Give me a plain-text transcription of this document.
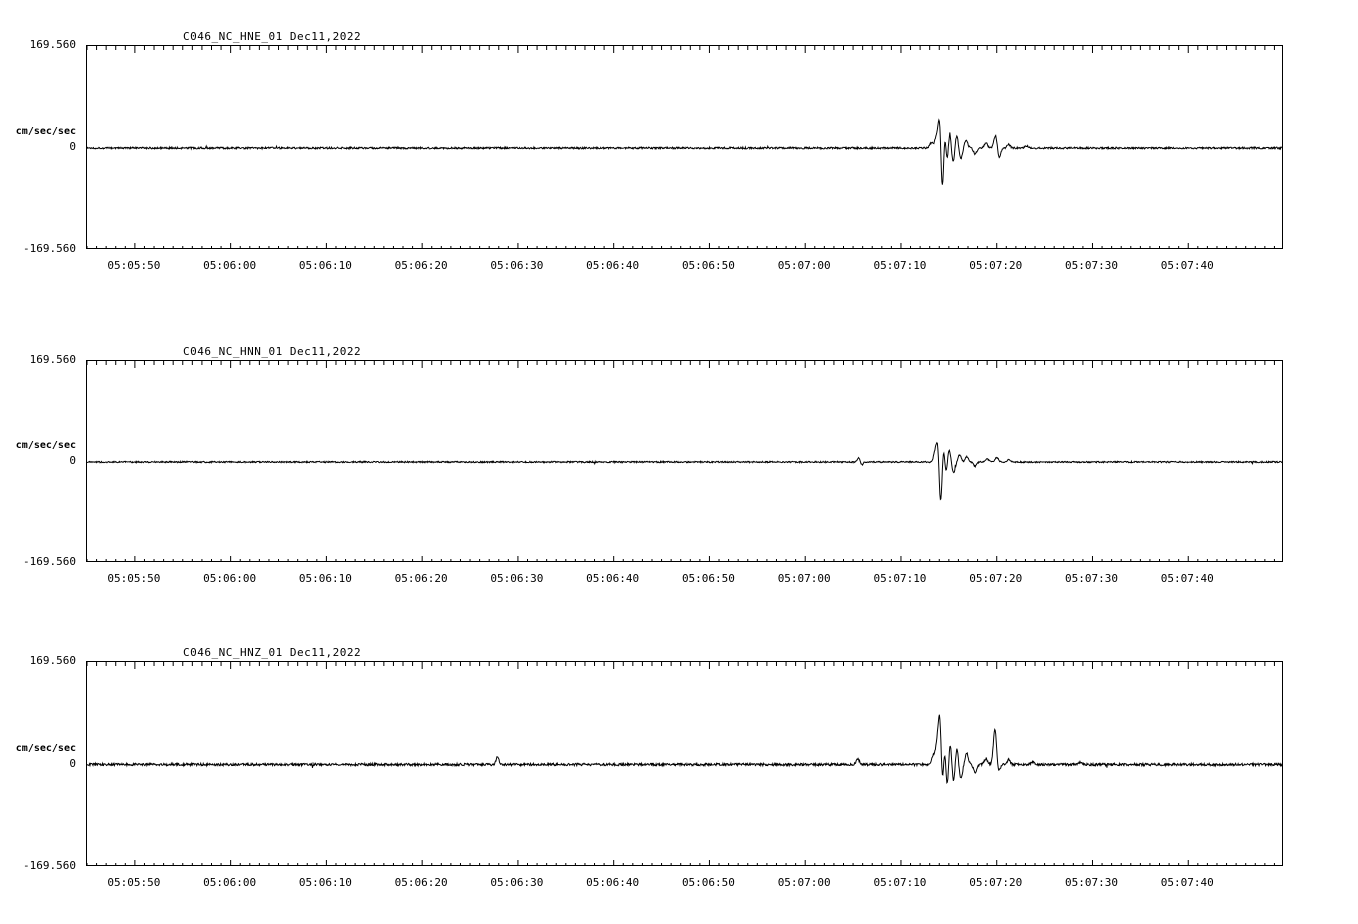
C046_NC_HNE_01 Dec11,2022
169.560
cm/sec/sec
0
-169.560
05:05:50	05:06:00	05:06:10	05:06:20	05:06:30	05:06:40	05:06:50	05:07:00	05:07:10	05:07:20	05:07:30	05:07:40
C046_NC_HNN_01 Dec11,2022
169.560
cm/sec/sec
0
-169.560
05:05:50	05:06:00	05:06:10	05:06:20	05:06:30	05:06:40	05:06:50	05:07:00	05:07:10	05:07:20	05:07:30	05:07:40
C046_NC_HNZ_01 Dec11,2022
169.560
cm/sec/sec
0
-169.560
05:05:50	05:06:00	05:06:10	05:06:20	05:06:30	05:06:40	05:06:50	05:07:00	05:07:10	05:07:20	05:07:30	05:07:40
